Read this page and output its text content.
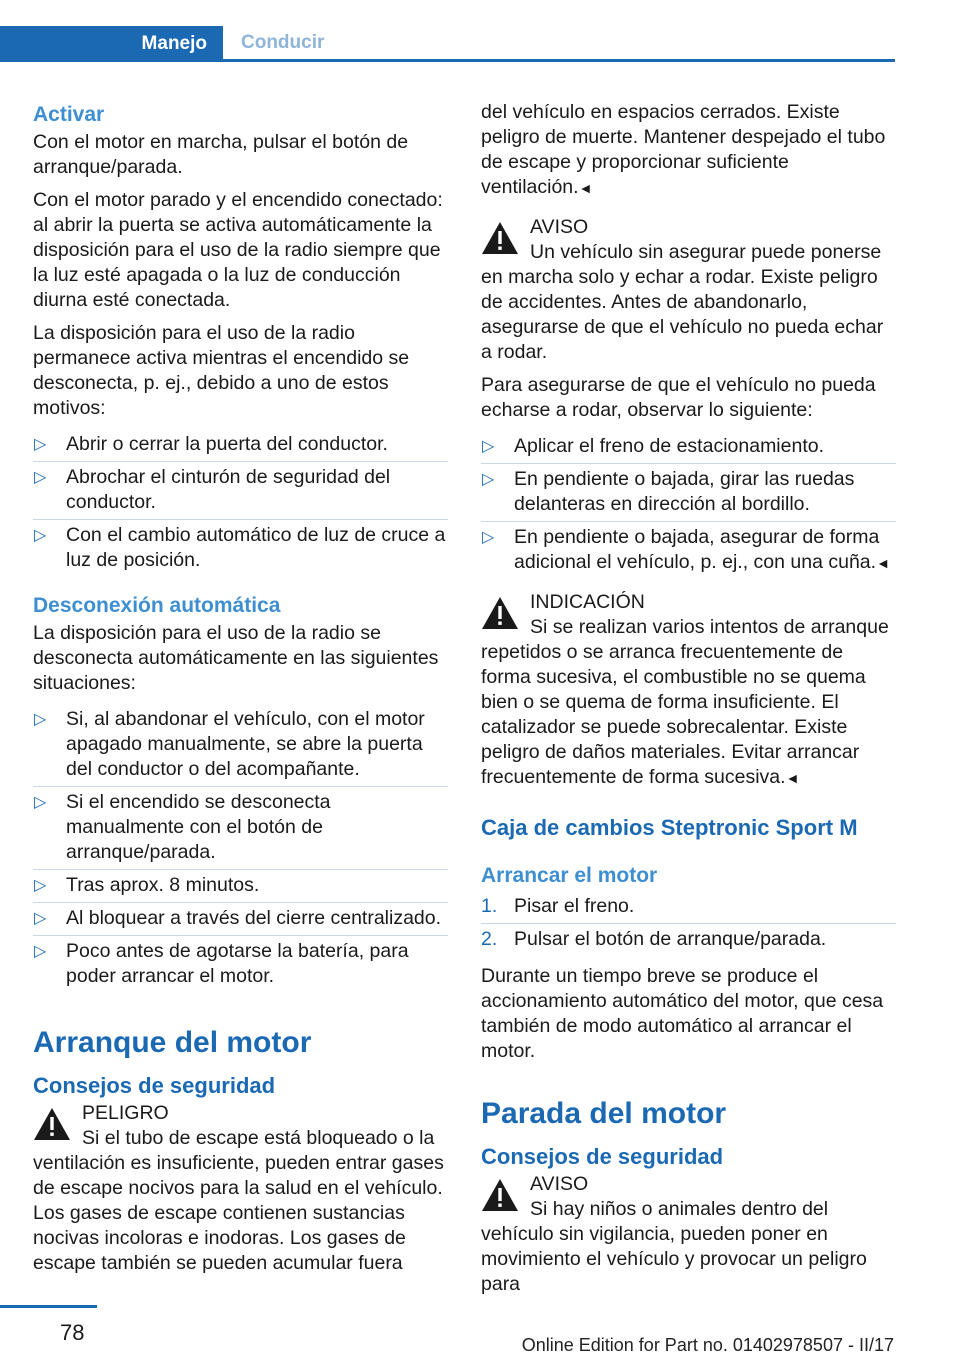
Manejo	Conducir
Activar

Con el motor en marcha, pulsar el botón de arranque/parada.

Con el motor parado y el encendido conectado: al abrir la puerta se activa automáticamente la disposición para el uso de la radio siempre que la luz esté apagada o la luz de conducción diurna esté conectada.

La disposición para el uso de la radio permanece activa mientras el encendido se desconecta, p. ej., debido a uno de estos motivos:

▷ Abrir o cerrar la puerta del conductor.
▷ Abrochar el cinturón de seguridad del conductor.
▷ Con el cambio automático de luz de cruce a luz de posición.
Desconexión automática

La disposición para el uso de la radio se desconecta automáticamente en las siguientes situaciones:

▷ Si, al abandonar el vehículo, con el motor apagado manualmente, se abre la puerta del conductor o del acompañante.
▷ Si el encendido se desconecta manualmente con el botón de arranque/parada.
▷ Tras aprox. 8 minutos.
▷ Al bloquear a través del cierre centralizado.
▷ Poco antes de agotarse la batería, para poder arrancar el motor.
Arranque del motor
Consejos de seguridad
PELIGRO
Si el tubo de escape está bloqueado o la ventilación es insuficiente, pueden entrar gases de escape nocivos para la salud en el vehículo. Los gases de escape contienen sustancias nocivas incoloras e inodoras. Los gases de escape también se pueden acumular fuera

del vehículo en espacios cerrados. Existe peligro de muerte. Mantener despejado el tubo de escape y proporcionar suficiente ventilación.◄

AVISO
Un vehículo sin asegurar puede ponerse en marcha solo y echar a rodar. Existe peligro de accidentes. Antes de abandonarlo, asegurarse de que el vehículo no pueda echar a rodar.

Para asegurarse de que el vehículo no pueda echarse a rodar, observar lo siguiente:

▷ Aplicar el freno de estacionamiento.
▷ En pendiente o bajada, girar las ruedas delanteras en dirección al bordillo.
▷ En pendiente o bajada, asegurar de forma adicional el vehículo, p. ej., con una cuña.◄
INDICACIÓN
Si se realizan varios intentos de arranque repetidos o se arranca frecuentemente de forma sucesiva, el combustible no se quema bien o se quema de forma insuficiente. El catalizador se puede sobrecalentar. Existe peligro de daños materiales. Evitar arrancar frecuentemente de forma sucesiva.◄
Caja de cambios Steptronic Sport M
Arrancar el motor
1. Pisar el freno.
2. Pulsar el botón de arranque/parada.

Durante un tiempo breve se produce el accionamiento automático del motor, que cesa también de modo automático al arrancar el motor.

Parada del motor
Consejos de seguridad
AVISO
Si hay niños o animales dentro del vehículo sin vigilancia, pueden poner en movimiento el vehículo y provocar un peligro para
78	Online Edition for Part no. 01402978507 - II/17
